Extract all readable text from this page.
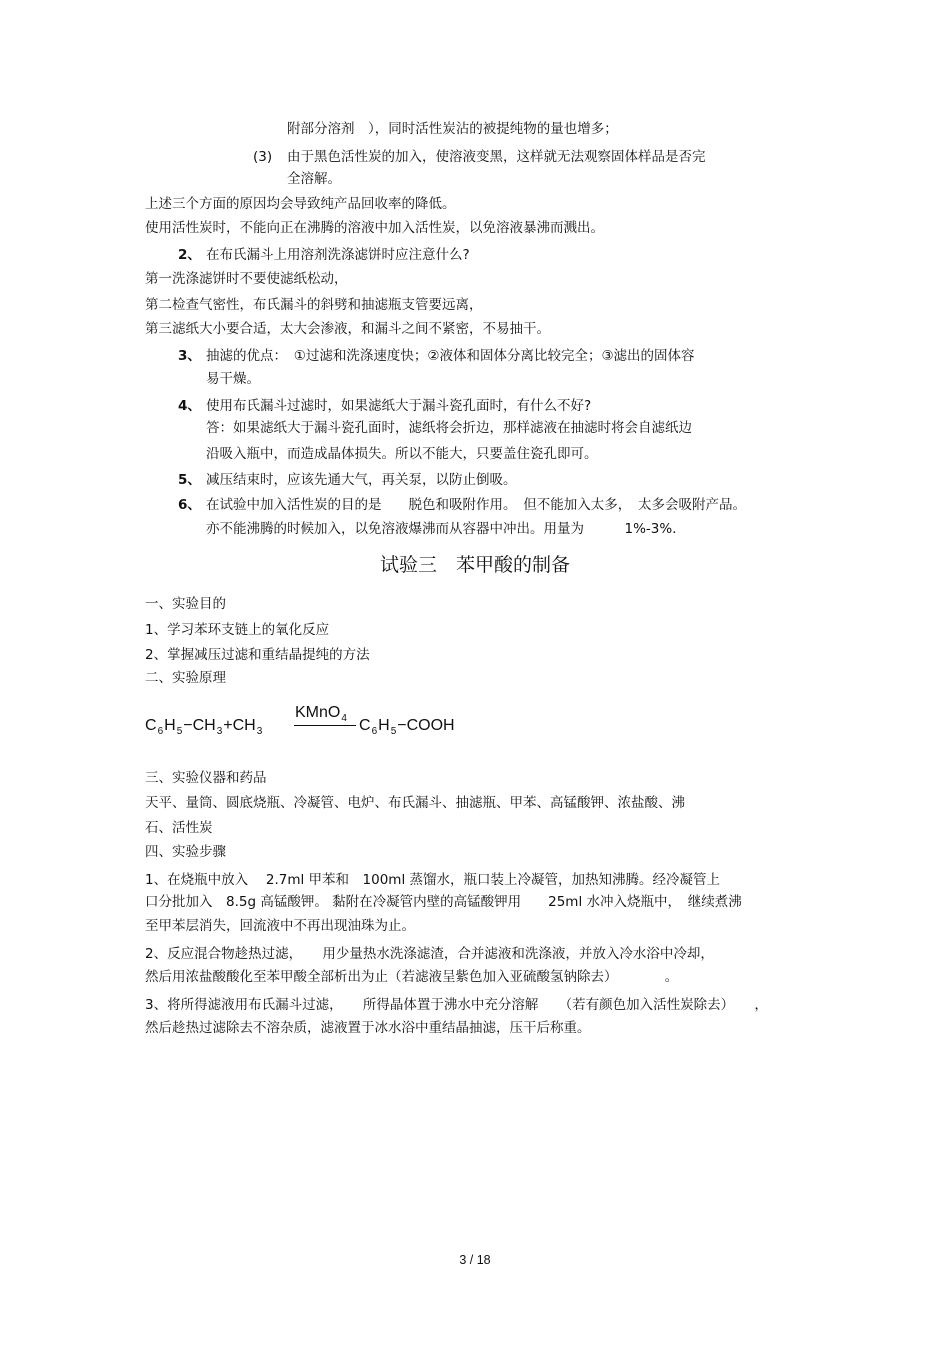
附部分溶剂　），同时活性炭沾的被提纯物的量也增多；
(3) 由于黑色活性炭的加入，使溶液变黑，这样就无法观察固体样品是否完
全溶解。
上述三个方面的原因均会导致纯产品回收率的降低。
使用活性炭时，不能向正在沸腾的溶液中加入活性炭，以免溶液暴沸而溅出。
2、 在布氏漏斗上用溶剂洗涤滤饼时应注意什么?
第一洗涤滤饼时不要使滤纸松动，
第二检查气密性，布氏漏斗的斜劈和抽滤瓶支管要远离，
第三滤纸大小要合适，太大会渗液，和漏斗之间不紧密，不易抽干。
3、 抽滤的优点：　①过滤和洗涤速度快；②液体和固体分离比较完全；③滤出的固体容
易干燥。
4、 使用布氏漏斗过滤时，如果滤纸大于漏斗瓷孔面时，有什么不好?
答：如果滤纸大于漏斗瓷孔面时，滤纸将会折边，那样滤液在抽滤时将会自滤纸边
沿吸入瓶中，而造成晶体损失。所以不能大，只要盖住瓷孔即可。
5、 减压结束时，应该先通大气，再关泵，以防止倒吸。
6、 在试验中加入活性炭的目的是　　脱色和吸附作用。　但不能加入太多，　太多会吸附产品。
亦不能沸腾的时候加入，以免溶液爆沸而从容器中冲出。用量为　　　1%-3%．
试验三　苯甲酸的制备
一、实验目的
1、学习苯环支链上的氧化反应
2、掌握减压过滤和重结晶提纯的方法
二、实验原理
KMnO$_4$
$C_6H_5-CH_3+CH_3$	$C_6H_5-COOH$
三、实验仪器和药品
天平、量筒、圆底烧瓶、冷凝管、电炉、布氏漏斗、抽滤瓶、甲苯、高锰酸钾、浓盐酸、沸
石、活性炭
四、实验步骤
1、在烧瓶中放入　 2.7ml 甲苯和　100ml 蒸馏水，瓶口装上冷凝管，加热知沸腾。经冷凝管上
口分批加入　8.5g 高锰酸钾。 黏附在冷凝管内壁的高锰酸钾用　　25ml 水冲入烧瓶中，　继续煮沸
至甲苯层消失，回流液中不再出现油珠为止。
2、反应混合物趁热过滤，　　用少量热水洗涤滤渣，合并滤液和洗涤液，并放入冷水浴中冷却，
然后用浓盐酸酸化至苯甲酸全部析出为止（若滤液呈紫色加入亚硫酸氢钠除去）　　　　。
3、将所得滤液用布氏漏斗过滤，　　所得晶体置于沸水中充分溶解　　（若有颜色加入活性炭除去）　　，
然后趁热过滤除去不溶杂质，滤液置于冰水浴中重结晶抽滤，压干后称重。
3 / 18
